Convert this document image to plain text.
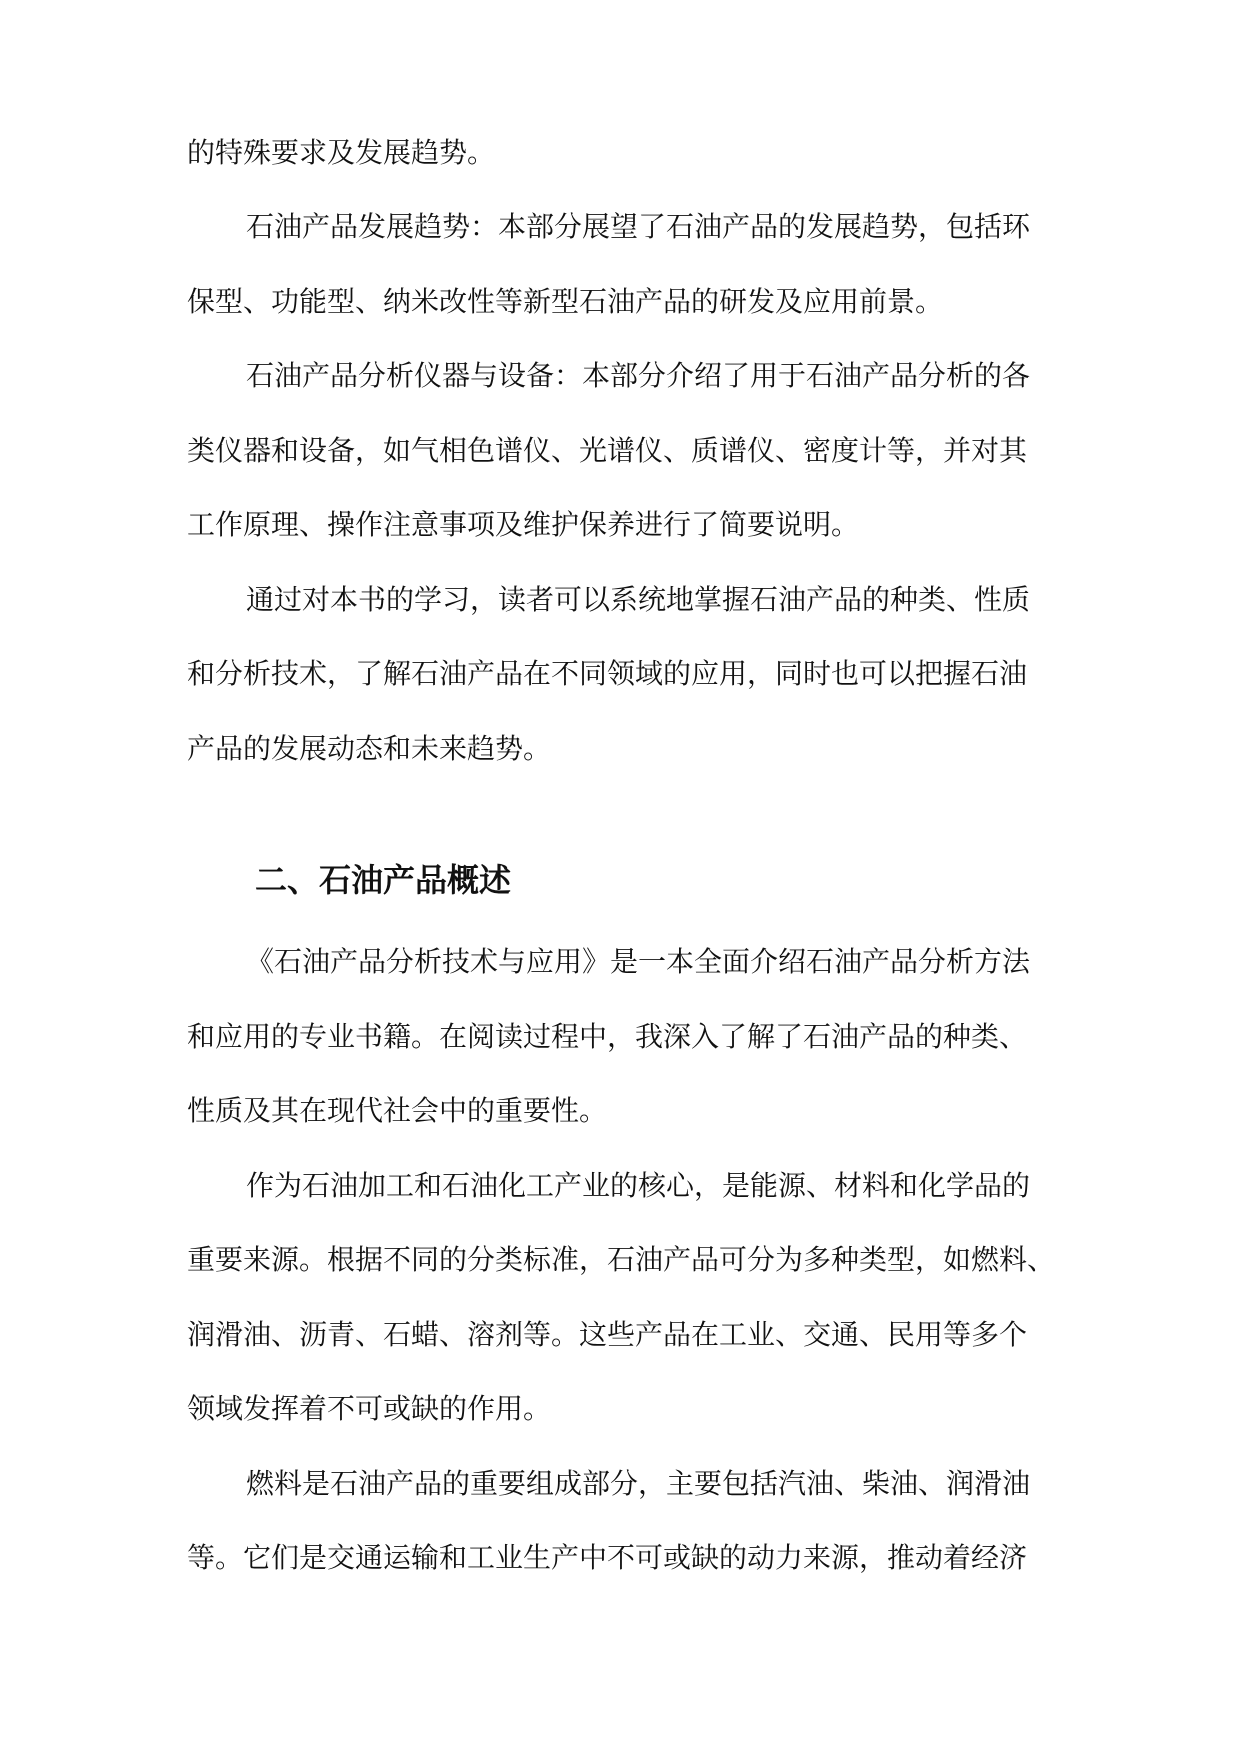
的特殊要求及发展趋势。
石油产品发展趋势：本部分展望了石油产品的发展趋势，包括环
保型、功能型、纳米改性等新型石油产品的研发及应用前景。
石油产品分析仪器与设备：本部分介绍了用于石油产品分析的各
类仪器和设备，如气相色谱仪、光谱仪、质谱仪、密度计等，并对其
工作原理、操作注意事项及维护保养进行了简要说明。
通过对本书的学习，读者可以系统地掌握石油产品的种类、性质
和分析技术，了解石油产品在不同领域的应用，同时也可以把握石油
产品的发展动态和未来趋势。
二、石油产品概述
《石油产品分析技术与应用》是一本全面介绍石油产品分析方法
和应用的专业书籍。在阅读过程中，我深入了解了石油产品的种类、
性质及其在现代社会中的重要性。
作为石油加工和石油化工产业的核心，是能源、材料和化学品的
重要来源。根据不同的分类标准，石油产品可分为多种类型，如燃料、
润滑油、沥青、石蜡、溶剂等。这些产品在工业、交通、民用等多个
领域发挥着不可或缺的作用。
燃料是石油产品的重要组成部分，主要包括汽油、柴油、润滑油
等。它们是交通运输和工业生产中不可或缺的动力来源，推动着经济
